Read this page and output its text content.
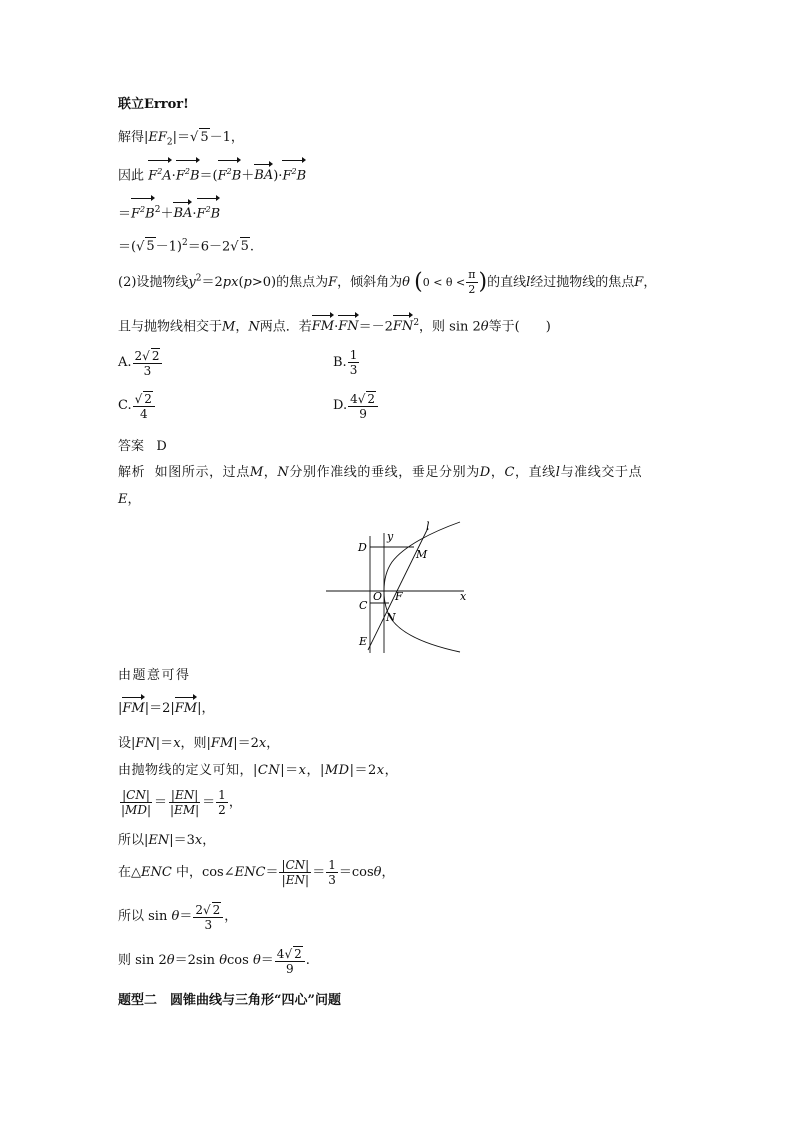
联立Error!
解得$|EF_2|=√$ 5－1，
因此 $F^2A\cdot F^2B=(F^2B+BA)\cdot F^2B$
$=F^2B^2+BA\cdot F^2B$
＝(√ 5－1)$^2$＝6－2√ 5.
(2)设抛物线$y^2=2px(p>0)$的焦点为F，倾斜角为θ ($0 < \theta < \frac{\pi}{2}$ )的直线l经过抛物线的焦点F，
且与抛物线相交于M，N两点．若$FM\cdot FN=-2FN^2$，则 sin 2θ等于(　　)
A. $\frac{2√ 2}{3}$	B. $\frac{1}{3}$
C. $\frac{√ 2}{4}$	D. $\frac{4√ 2}{9}$
答案 D
解析 如图所示，过点M，N分别作准线的垂线，垂足分别为D，C，直线l与准线交于点
E，
D
y
l
M
O F	x
C
N
E
由题意可得
|FM|＝2|FM|，
设|FN|＝x，则|FM|＝2x，
由抛物线的定义可知，|CN|＝x，|MD|＝2x，
$\frac{|CN|}{|MD|} = \frac{|EN|}{|EM|} = \frac{1}{2}$ ，
所以|EN|＝3x，
在△ ENC
中，cos∠ ENC ＝ $\frac{|CN|}{|EN|} = \frac{1}{3} =\cos$ θ ，
所以 sin
$\theta = \frac{2√ 2}{3}$ ，
则 sin 2 θ ＝2sin
θ cos
$\theta = \frac{4√ 2}{9}$ .
题型二　圆锥曲线与三角形“四心”问题
